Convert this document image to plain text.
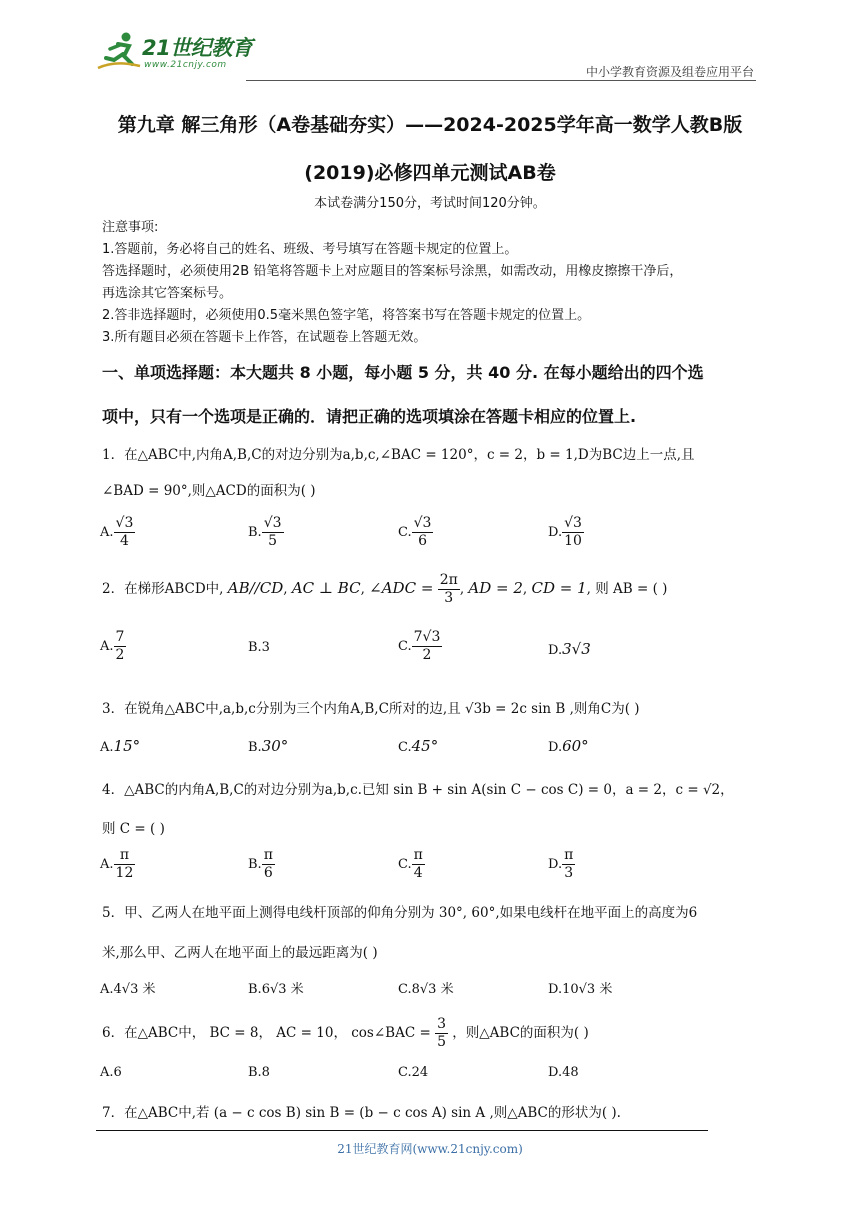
21世纪教育
www.21cnjy.com	中小学教育资源及组卷应用平台
第九章 解三角形（A卷基础夯实）——2024-2025学年高一数学人教B版
(2019)必修四单元测试AB卷
本试卷满分150分，考试时间120分钟。
注意事项:
1.答题前，务必将自己的姓名、班级、考号填写在答题卡规定的位置上。
答选择题时，必须使用2B 铅笔将答题卡上对应题目的答案标号涂黑，如需改动，用橡皮擦擦干净后，
再选涂其它答案标号。
2.答非选择题时，必须使用0.5毫米黑色签字笔，将答案书写在答题卡规定的位置上。
3.所有题目必须在答题卡上作答，在试题卷上答题无效。
一、单项选择题：本大题共 8 小题，每小题 5 分，共 40 分. 在每小题给出的四个选
项中，只有一个选项是正确的．请把正确的选项填涂在答题卡相应的位置上.
1．在△ABC中,内角A,B,C的对边分别为a,b,c,∠BAC = 120°，c = 2，b = 1,D为BC边上一点,且
∠BAD = 90°,则△ACD的面积为( )
A. $\frac{√3}{4}$	B. $\frac{√3}{5}$	C. $\frac{√3}{6}$	D. $\frac{√3}{10}$
2．在梯形ABCD中, AB//CD, AC ⊥ BC, ∠ADC = $\frac{2\pi}{3}$ , AD = 2, CD = 1, 则 AB = ( )
A. $\frac{7}{2}$	B.3	C. $\frac{7√3}{2}$	D.3√3
3．在锐角△ABC中,a,b,c分别为三个内角A,B,C所对的边,且 √3b = 2c sin B ,则角C为( )
A.15°	B.30°	C.45°	D.60°
4．△ABC的内角A,B,C的对边分别为a,b,c.已知 sin B + sin A(sin C − cos C) = 0，a = 2，c = √2，
则 C = ( )
A. $\frac{\pi}{12}$	B. $\frac{\pi}{6}$	C. $\frac{\pi}{4}$	D. $\frac{\pi}{3}$
5．甲、乙两人在地平面上测得电线杆顶部的仰角分别为 30°, 60°,如果电线杆在地平面上的高度为6
米,那么甲、乙两人在地平面上的最远距离为( )
A.4√3 米	B.6√3 米	C.8√3 米	D.10√3 米
6．在△ABC中， BC = 8， AC = 10， cos∠BAC = $\frac{3}{5}$ ，则△ABC的面积为( )
A.6	B.8	C.24	D.48
7．在△ABC中,若 (a − c cos B) sin B = (b − c cos A) sin A ,则△ABC的形状为( ).
21世纪教育网(www.21cnjy.com)
